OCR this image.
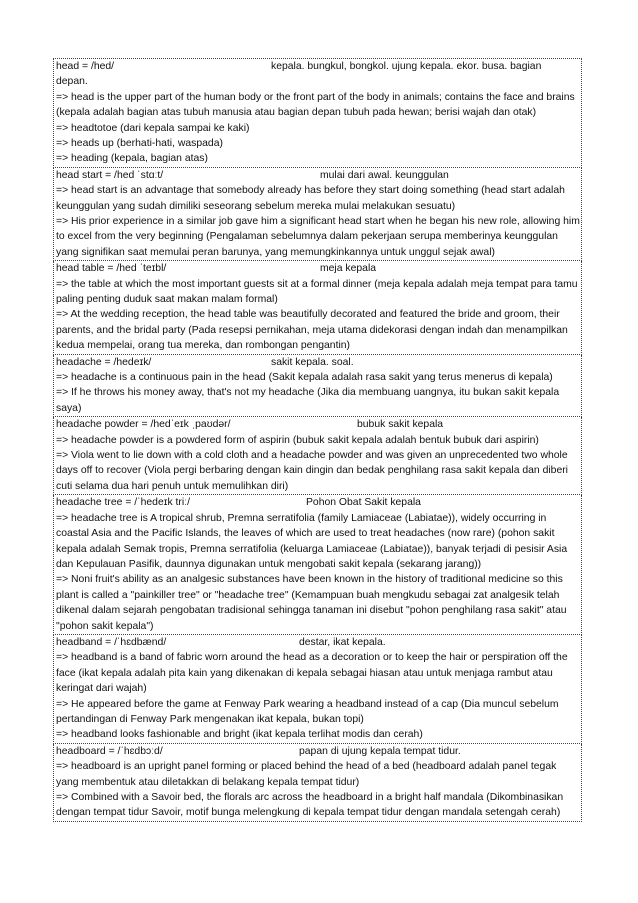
head = /hed/	kepala. bungkul, bongkol. ujung kepala. ekor. busa. bagian
depan.
=> head is the upper part of the human body or the front part of the body in animals; contains the face and brains (kepala adalah bagian atas tubuh manusia atau bagian depan tubuh pada hewan; berisi wajah dan otak)
=> headtotoe (dari kepala sampai ke kaki)
=> heads up (berhati-hati, waspada)
=> heading (kepala, bagian atas)
head start = /hed ˈstɑːt/	mulai dari awal. keunggulan
=> head start is an advantage that somebody already has before they start doing something (head start adalah keunggulan yang sudah dimiliki seseorang sebelum mereka mulai melakukan sesuatu)
=> His prior experience in a similar job gave him a significant head start when he began his new role, allowing him to excel from the very beginning (Pengalaman sebelumnya dalam pekerjaan serupa memberinya keunggulan yang signifikan saat memulai peran barunya, yang memungkinkannya untuk unggul sejak awal)
head table = /hed ˈteɪbl/	meja kepala
=> the table at which the most important guests sit at a formal dinner (meja kepala adalah meja tempat para tamu paling penting duduk saat makan malam formal)
=> At the wedding reception, the head table was beautifully decorated and featured the bride and groom, their parents, and the bridal party (Pada resepsi pernikahan, meja utama didekorasi dengan indah dan menampilkan kedua mempelai, orang tua mereka, dan rombongan pengantin)
headache = /hedeɪk/	sakit kepala. soal.
=> headache is a continuous pain in the head (Sakit kepala adalah rasa sakit yang terus menerus di kepala)
=> If he throws his money away, that's not my headache (Jika dia membuang uangnya, itu bukan sakit kepala saya)
headache powder = /hedˈeɪk ˌpaʊdər/	bubuk sakit kepala
=> headache powder is a powdered form of aspirin (bubuk sakit kepala adalah bentuk bubuk dari aspirin)
=> Viola went to lie down with a cold cloth and a headache powder and was given an unprecedented two whole days off to recover (Viola pergi berbaring dengan kain dingin dan bedak penghilang rasa sakit kepala dan diberi cuti selama dua hari penuh untuk memulihkan diri)
headache tree = /ˈhedeɪk triː/	Pohon Obat Sakit kepala
=> headache tree is A tropical shrub, Premna serratifolia (family Lamiaceae (Labiatae)), widely occurring in coastal Asia and the Pacific Islands, the leaves of which are used to treat headaches (now rare) (pohon sakit kepala adalah Semak tropis, Premna serratifolia (keluarga Lamiaceae (Labiatae)), banyak terjadi di pesisir Asia dan Kepulauan Pasifik, daunnya digunakan untuk mengobati sakit kepala (sekarang jarang))
=> Noni fruit's ability as an analgesic substances have been known in the history of traditional medicine so this plant is called a "painkiller tree" or "headache tree" (Kemampuan buah mengkudu sebagai zat analgesik telah dikenal dalam sejarah pengobatan tradisional sehingga tanaman ini disebut "pohon penghilang rasa sakit" atau "pohon sakit kepala")
headband = /ˈhɛdbænd/	destar, ikat kepala.
=> headband is a band of fabric worn around the head as a decoration or to keep the hair or perspiration off the face (ikat kepala adalah pita kain yang dikenakan di kepala sebagai hiasan atau untuk menjaga rambut atau keringat dari wajah)
=> He appeared before the game at Fenway Park wearing a headband instead of a cap (Dia muncul sebelum pertandingan di Fenway Park mengenakan ikat kepala, bukan topi)
=> headband looks fashionable and bright (ikat kepala terlihat modis dan cerah)
headboard = /ˈhɛdbɔːd/	papan di ujung kepala tempat tidur.
=> headboard is an upright panel forming or placed behind the head of a bed (headboard adalah panel tegak yang membentuk atau diletakkan di belakang kepala tempat tidur)
=> Combined with a Savoir bed, the florals arc across the headboard in a bright half mandala (Dikombinasikan dengan tempat tidur Savoir, motif bunga melengkung di kepala tempat tidur dengan mandala setengah cerah)
